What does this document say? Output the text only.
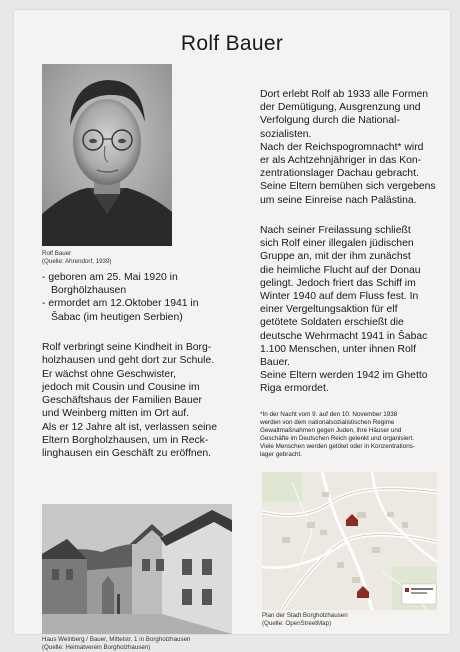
Rolf Bauer
Rolf Bauer
(Quelle: Ahrendorf, 1939)

- geboren am 25. Mai 1920 in

Borghölzhausen

- ermordet am 12.Oktober 1941 in

Šabac (im heutigen Serbien)

Rolf verbringt seine Kindheit in Borg-

holzhausen und geht dort zur Schule.

Er wächst ohne Geschwister,

jedoch mit Cousin und Cousine im

Geschäftshaus der Familien Bauer

und Weinberg mitten im Ort auf.

Als er 12 Jahre alt ist, verlassen seine

Eltern Borgholzhausen, um in Reck-

linghausen ein Geschäft zu eröffnen.

Dort erlebt Rolf ab 1933 alle Formen

der Demütigung, Ausgrenzung und

Verfolgung durch die National-

sozialisten.

Nach der Reichspogromnacht* wird

er als Achtzehnjähriger in das Kon-

zentrationslager Dachau gebracht.

Seine Eltern bemühen sich vergebens

um seine Einreise nach Palästina.

Nach seiner Freilassung schließt

sich Rolf einer illegalen jüdischen

Gruppe an, mit der ihm zunächst

die heimliche Flucht auf der Donau

gelingt. Jedoch friert das Schiff im

Winter 1940 auf dem Fluss fest. In

einer Vergeltungsaktion für elf

getötete Soldaten erschießt die

deutsche Wehrmacht 1941 in Šabac

1.100 Menschen, unter ihnen Rolf

Bauer.

Seine Eltern werden 1942 im Ghetto

Riga ermordet.

*In der Nacht vom 9. auf den 10. November 1938

werden von dem nationalsozialistischen Regime

Gewaltmaßnahmen gegen Juden, ihre Häuser und

Geschäfte im Deutschen Reich gelenkt und organisiert.

Viele Menschen werden getötet oder in Konzentrations-

lager gebracht.

Plan der Stadt Borgholzhausen
(Quelle: OpenStreetMap)
Haus Weinberg / Bauer, Mittelstr. 1 in Borgholzhausen
(Quelle: Heimatverein Borgholzhausen)
